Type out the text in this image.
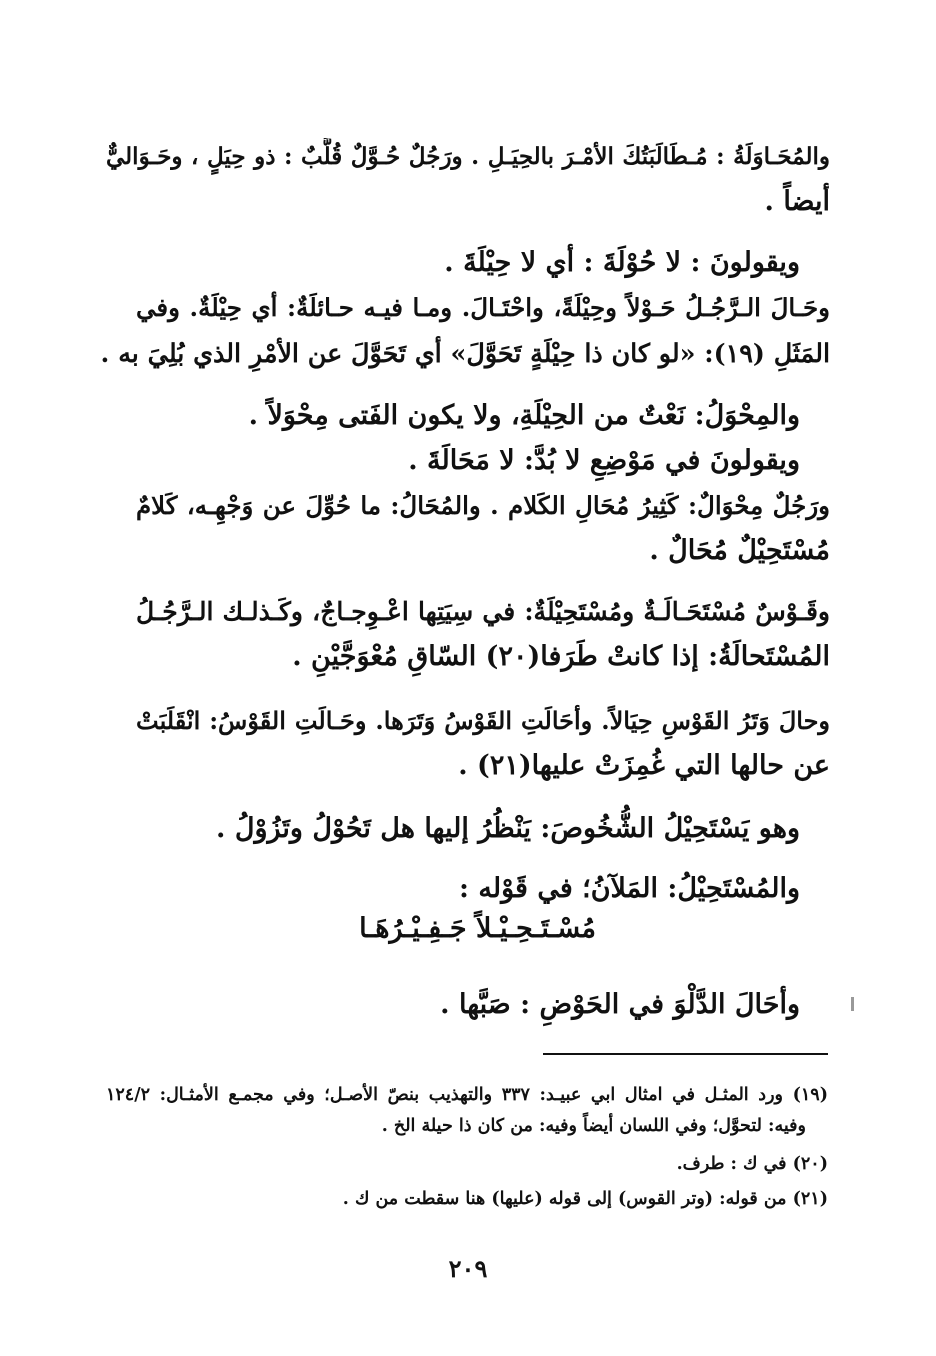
والمُحَـاوَلَةُ : مُـطَالَبَتُكَ الأمْـرَ بالحِيَـلِ . ورَجُلٌ حُـوَّلٌ قُلَّبٌ : ذو حِيَلٍ ، وحَـوَاليٌّ
أيضاً .
ويقولونَ : لا حُوْلَةَ : أي لا حِيْلَةَ .
وحَـالَ الـرَّجُـلُ حَـوْلاً وحِيْلَةً، واحْتَـالَ. ومـا فيـه حـائلَةٌ: أي حِيْلَةٌ. وفي
المَثَلِ (١٩): «لو كان ذا حِيْلَةٍ تَحَوَّلَ» أي تَحَوَّلَ عن الأمْرِ الذي بُلِيَ به .
والمِحْوَلُ: نَعْتٌ من الحِيْلَةِ، ولا يكون الفَتى مِحْوَلاً .
ويقولونَ في مَوْضِعِ لا بُدَّ: لا مَحَالَةَ .
ورَجُلٌ مِحْوَالٌ: كَثِيرُ مُحَالِ الكَلام . والمُحَالُ: ما حُوِّلَ عن وَجْهِـه، كَلامٌ
مُسْتَحِيْلٌ مُحَالٌ .
وقَـوْسٌ مُسْتَحَـالَـةٌ ومُسْتَحِيْلَةٌ: في سِيَتِها اعْـوِجـاجٌ، وكَـذلـك الـرَّجُـلُ
المُسْتَحالَةُ: إذا كانتْ طَرَفا(٢٠) السّاقِ مُعْوَجَّيْنِ .
وحالَ وَتَرُ القَوْسِ حِيَالاً. وأحَالَتِ القَوْسُ وَتَرَها. وحَـالَتِ القَوْسُ: انْقَلَبَتْ
عن حالها التي غُمِزَتْ عليها(٢١) .
وهو يَسْتَحِيْلُ الشُّخُوصَ: يَنْظُرُ إليها هل تَحُوْلُ وتَزُوْلُ .
والمُسْتَحِيْلُ: المَلآنُ؛ في قَوْله :
مُسْـتَـحِـيْـلاً جَـفِـيْـرُهَـا
وأحَالَ الدَّلْوَ في الحَوْضِ : صَبَّها .
(١٩) ورد المثـل في امثال ابي عبيـد: ٣٣٧ والتهذيب بنصّ الأصـل؛ وفي مجمـع الأمثـال: ١٢٤/٢
وفيه: لتحوَّل؛ وفي اللسان أيضاً وفيه: من كان ذا حيلة الخ .
(٢٠) في ك : طرف.
(٢١) من قوله: (وتر القوس) إلى قوله (عليها) هنا سقطت من ك .
٢٠٩
